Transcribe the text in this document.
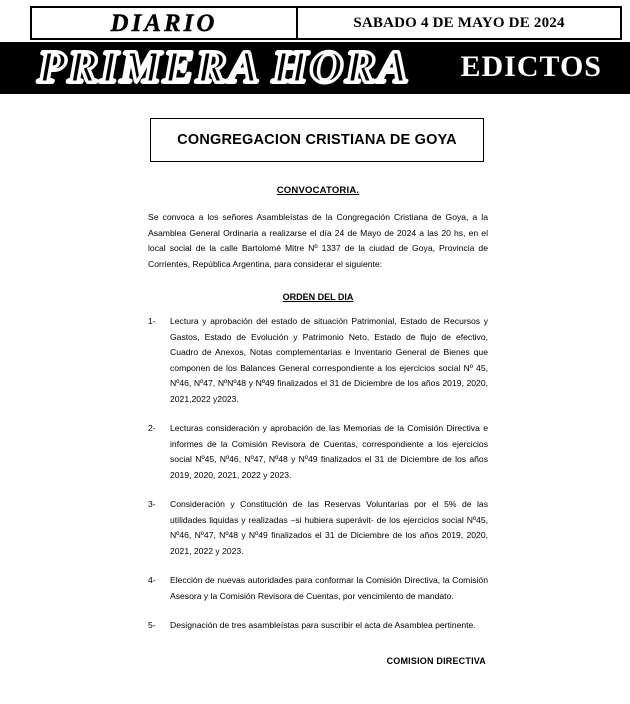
DIARIO	SABADO 4 DE MAYO DE 2024
PRIMERA HORA	EDICTOS
CONGREGACION CRISTIANA DE GOYA
CONVOCATORIA.

Se convoca a los señores Asambleístas de la Congregación Cristiana de Goya, a la Asamblea General Ordinaria a realizarse el día 24 de Mayo de 2024 a las 20 hs, en el local social de la calle Bartolomé Mitre Nº 1337 de la ciudad de Goya, Provincia de Corrientes, República Argentina, para considerar el siguiente:

ORDEN DEL DIA
1-	Lectura y aprobación del estado de situación Patrimonial, Estado de Recursos y Gastos, Estado de Evolución y Patrimonio Neto, Estado de flujo de efectivo, Cuadro de Anexos, Notas complementarias e Inventario General de Bienes que componen de los Balances General correspondiente a los ejercicios social Nº 45, Nº46, Nº47, NºNº48 y Nº49 finalizados el 31 de Diciembre de los años 2019, 2020, 2021,2022 y2023.
2-	Lecturas consideración y aprobación de las Memorias de la Comisión Directiva e informes de la Comisión Revisora de Cuentas, correspondiente a los ejercicios social Nº45, Nº46, Nº47, Nº48 y Nº49 finalizados el 31 de Diciembre de los años 2019, 2020, 2021, 2022 y 2023.
3-	Consideración y Constitución de las Reservas Voluntarias por el 5% de las utilidades liquidas y realizadas –si hubiera superávit- de los ejercicios social Nº45, Nº46, Nº47, Nº48 y Nº49 finalizados el 31 de Diciembre de los años 2019, 2020, 2021, 2022 y 2023.
4-	Elección de nuevas autoridades para conformar la Comisión Directiva, la Comisión Asesora y la Comisión Revisora de Cuentas, por vencimiento de mandato.
5-	Designación de tres asambleístas para suscribir el acta de Asamblea pertinente.
COMISION DIRECTIVA
